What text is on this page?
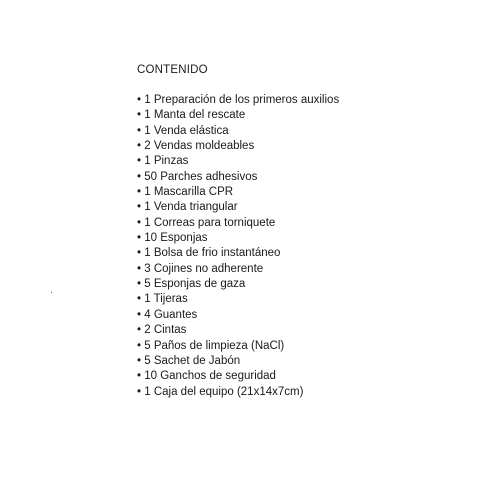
CONTENIDO
• 1 Preparación de los primeros auxilios
• 1 Manta del rescate
• 1 Venda elástica
• 2 Vendas moldeables
• 1 Pinzas
• 50 Parches adhesivos
• 1 Mascarilla CPR
• 1 Venda triangular
• 1 Correas para torniquete
• 10 Esponjas
• 1 Bolsa de frio instantáneo
• 3 Cojines no adherente
• 5 Esponjas de gaza
• 1 Tijeras
• 4 Guantes
• 2 Cintas
• 5 Paños de limpieza (NaCl)
• 5 Sachet de Jabón
• 10 Ganchos de seguridad
• 1 Caja del equipo (21x14x7cm)
